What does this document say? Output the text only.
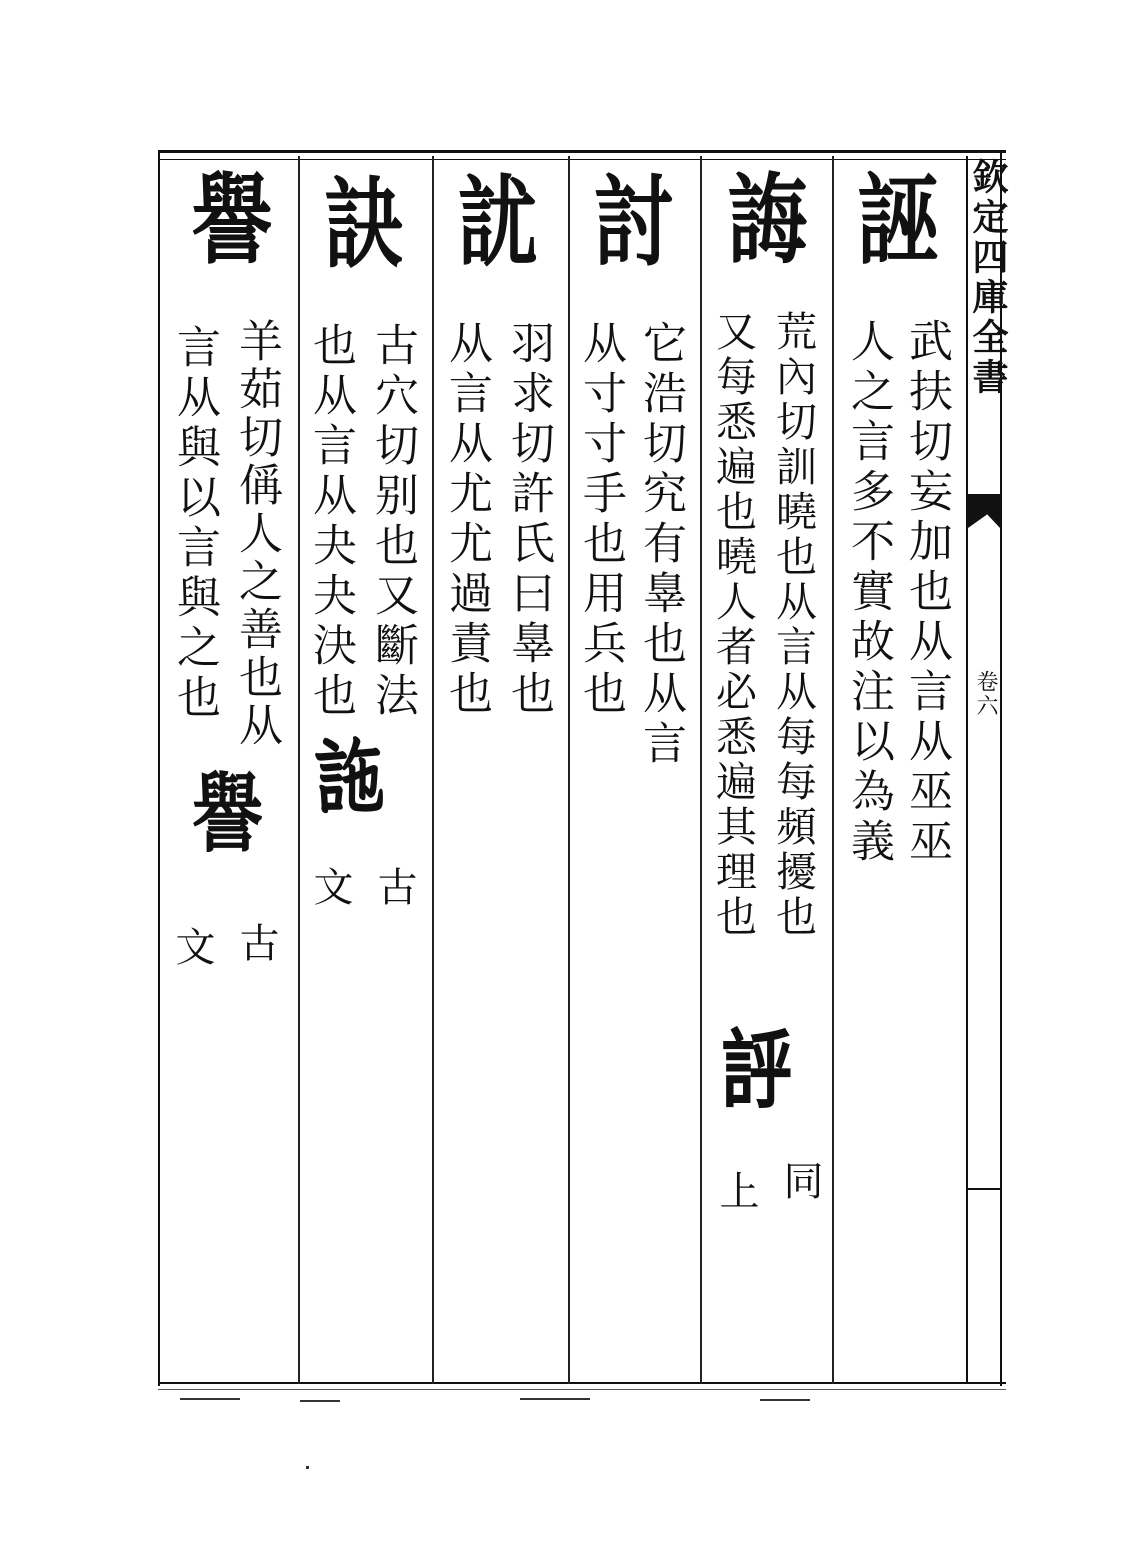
欽定四庫全書
卷六
誣
武扶切妄加也从言从巫巫
人之言多不實故注以為義
誨
荒內切訓曉也从言从每每頻擾也
又每悉遍也曉人者必悉遍其理也
𧦝
同
上
討
它浩切究有辠也从言
从寸寸手也用兵也
訧
羽求切許氏曰辠也
从言从尤尤過責也
訣
古穴切别也又斷法
也从言从夬夬決也
𧦧
古
文
譽
羊茹切偁人之善也从
言从與以言與之也
譽
古
文
